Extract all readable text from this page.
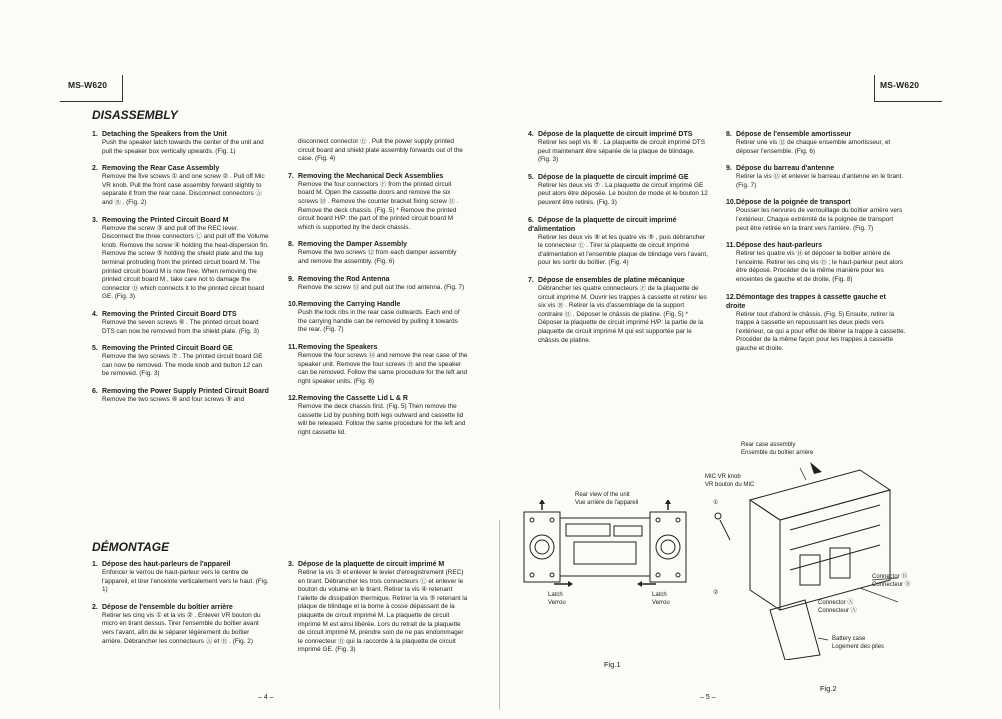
MS-W620	MS-W620
DISASSEMBLY
DÉMONTAGE
1. Detaching the Speakers from the Unit
Push the speaker latch towards the center of the unit and pull the speaker box vertically upwards. (Fig. 1)
2. Removing the Rear Case Assembly
Remove the five screws ① and one screw ② . Pull off Mic VR knob. Pull the front case assembly forward slightly to separate it from the rear case. Disconnect connectors Ⓐ and Ⓑ . (Fig. 2)
3. Removing the Printed Circuit Board M
Remove the screw ③ and pull off the REC lever. Disconnect the three connectors Ⓒ and pull off the Volume knob. Remove the screw ④ holding the heat-dispersion fin. Remove the screw ⑤ holding the shield plate and the lug terminal protruding from the printed circuit board M. The printed circuit board M is now free. When removing the printed circuit board M , take care not to damage the connector Ⓓ which connects it to the printed circuit board GE. (Fig. 3)
4. Removing the Printed Circuit Board DTS
Remove the seven screws ⑥ . The printed circuit board DTS can now be removed from the shield plate. (Fig. 3)
5. Removing the Printed Circuit Board GE
Remove the two screws ⑦ . The printed circuit board GE can now be removed. The mode knob and button 12 can be removed. (Fig. 3)
6. Removing the Power Supply Printed Circuit Board
Remove the two screws ⑧ and four screws ⑨ and
disconnect connector Ⓔ . Pull the power supply printed circuit board and shield plate assembly forwards out of the case. (Fig. 4)
7. Removing the Mechanical Deck Assemblies
Remove the four connectors Ⓕ from the printed circuit board M. Open the cassette doors and remove the six screws ⑩ . Remove the counter bracket fixing screw ⑪ . Remove the deck chassis. (Fig. 5) * Remove the printed circuit board H/P: the part of the printed circuit board M which is supported by the deck chassis.
8. Removing the Damper Assembly
Remove the two screws ⑫ from each damper assembly and remove the assembly. (Fig. 6)
9. Removing the Rod Antenna
Remove the screw ⑬ and pull out the rod antenna. (Fig. 7)
10.Removing the Carrying Handle
Push the lock ribs in the rear case outwards. Each end of the carrying handle can be removed by pulling it towards the rear. (Fig. 7)
11.Removing the Speakers
Remove the four screws ⑭ and remove the rear case of the speaker unit. Remove the four screws ⑮ and the speaker can be removed. Follow the same procedure for the left and right speaker units. (Fig. 8)
12.Removing the Cassette Lid L & R
Remove the deck chassis first. (Fig. 5) Then remove the cassette Lid by pushing both legs outward and cassette lid will be released. Follow the same procedure for the left and right cassette lid.
1. Dépose des haut-parleurs de l'appareil
Enfoncer le verrou de haut-parleur vers le centre de l'appareil, et tirer l'enceinte verticalement vers le haut. (Fig. 1)
2. Dépose de l'ensemble du boîtier arrière
Retirer les cinq vis ① et la vis ② . Enlever VR bouton du micro en tirant dessus. Tirer l'ensemble du boîtier avant vers l'avant, afin de le séparer légèrement du boîtier arrière. Débrancher les connecteurs Ⓐ et Ⓑ . (Fig. 2)
3. Dépose de la plaquette de circuit imprimé M
Retirer la vis ③ et enlever le levier d'enregistrement (REC) en tirant. Débrancher les trois connecteurs Ⓒ et enlever le bouton du volume en le tirant. Retirer la vis ④ retenant l'ailette de dissipation thermique. Retirer la vis ⑤ retenant la plaque de blindage et la borne à cosse dépassant de la plaquette de circuit imprimé M. La plaquette de circuit imprimé M est ainsi libérée. Lors du retrait de la plaquette de circuit imprimé M, prendre soin de ne pas endommager le connecteur Ⓓ qui la raccorde à la plaquette de circuit imprimé GE. (Fig. 3)
4. Dépose de la plaquette de circuit imprimé DTS
Retirer les sept vis ⑥ . La plaquette de circuit imprimé DTS peut maintenant être séparée de la plaque de blindage. (Fig. 3)
5. Dépose de la plaquette de circuit imprimé GE
Retirer les deux vis ⑦ . La plaquette de circuit imprimé GE peut alors être déposée. Le bouton de mode et le bouton 12 peuvent être retirés. (Fig. 3)
6. Dépose de la plaquette de circuit imprimé d'alimentation
Retirer les deux vis ⑧ et les quatre vis ⑨ , puis débrancher le connecteur Ⓔ . Tirer la plaquette de circuit imprimé d'alimentation et l'ensemble plaque de blindage vers l'avant, pour les sortir du boîtier. (Fig. 4)
7. Dépose de ensembles de platine mécanique
Débrancher les quatre connecteurs Ⓕ de la plaquette de circuit imprimé M. Ouvrir les trappes à cassette et retirer les six vis ⑩ . Retirer la vis d'assemblage de la support contraire ⑪ . Déposer le châssis de platine. (Fig. 5) * Déposer la plaquette de circuit imprimé H/P: la partie de la plaquette de circuit imprimé M qui est supportée par le châssis de platine.
8. Dépose de l'ensemble amortisseur
Retirer une vis ⑫ de chaque ensemble amortisseur, et déposer l'ensemble. (Fig. 6)
9. Dépose du barreau d'antenne
Retirer la vis ⑬ et enlever le barreau d'antenne en le tirant. (Fig. 7)
10.Dépose de la poignée de transport
Pousser les nervures de verrouillage du boîtier arrière vers l'extérieur. Chaque extrémité de la poignée de transport peut être retirée en la tirant vers l'arrière. (Fig. 7)
11.Dépose des haut-parleurs
Retirer les quatre vis ⑭ et déposer le boîtier arrière de l'enceinte. Retirer les cinq vis ⑮ ; le haut-parleur peut alors être déposé. Procéder de la même manière pour les enceintes de gauche et de droite. (Fig. 8)
12.Démontage des trappes à cassette gauche et droite
Retirer tout d'abord le châssis. (Fig. 5) Ensuite, retirer la trappe à cassette en repoussant les deux pieds vers l'extérieur, ce qui a pour effet de libérer la trappe à cassette. Procéder de la même façon pour les trappes à cassette gauche et droite.
Rear view of the unit
Vue arrière de l'appareil
Latch
Verrou
Latch
Verrou
Fig.1
Rear case assembly
Ensemble du boîtier arrière
MIC VR knob
VR bouton du MIC
①
②
Connector Ⓑ
Connecteur Ⓑ
Connector Ⓐ
Connecteur Ⓐ
Battery case
Logement des piles
Fig.2
– 4 –	– 5 –
